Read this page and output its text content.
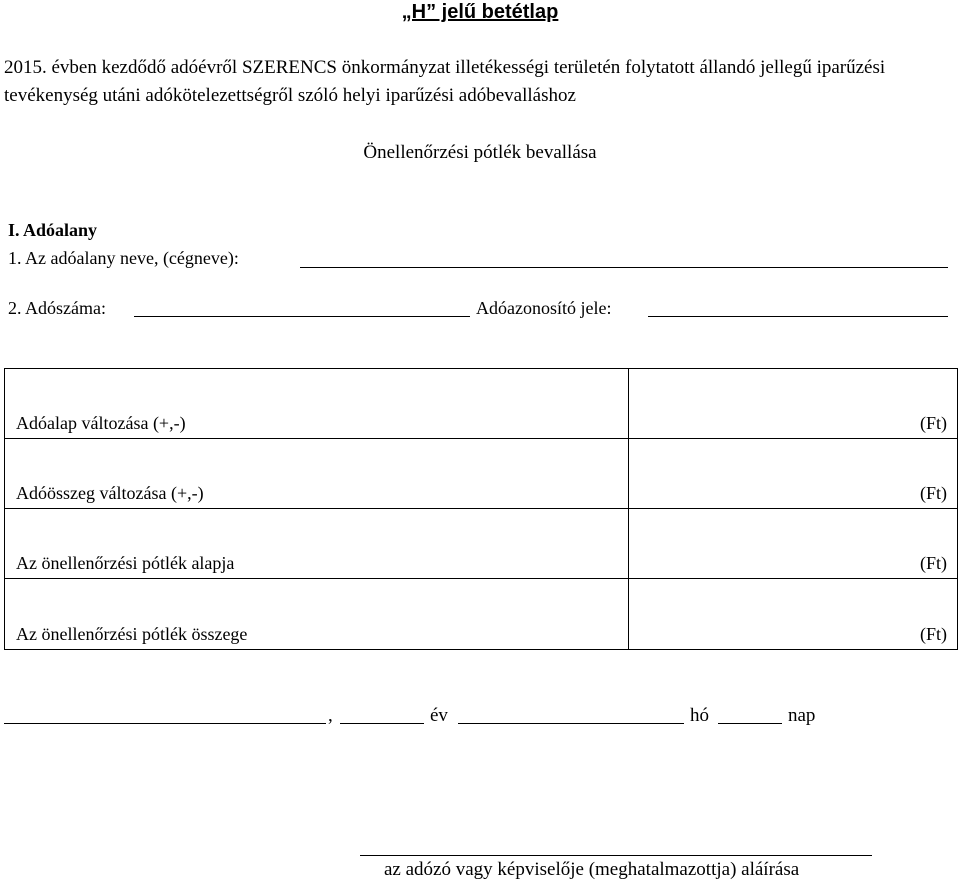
„H” jelű betétlap
2015. évben kezdődő adóévről SZERENCS önkormányzat illetékességi területén folytatott állandó jellegű iparűzési tevékenység utáni adókötelezettségről szóló helyi iparűzési adóbevalláshoz
Önellenőrzési pótlék bevallása
I. Adóalany
1. Az adóalany neve, (cégneve):
2. Adószáma:	Adóazonosító jele:
Adóalap változása (+,-)	(Ft)
Adóösszeg változása (+,-)	(Ft)
Az önellenőrzési pótlék alapja	(Ft)
Az önellenőrzési pótlék összege	(Ft)
,	év	hó	nap
az adózó vagy képviselője (meghatalmazottja) aláírása
